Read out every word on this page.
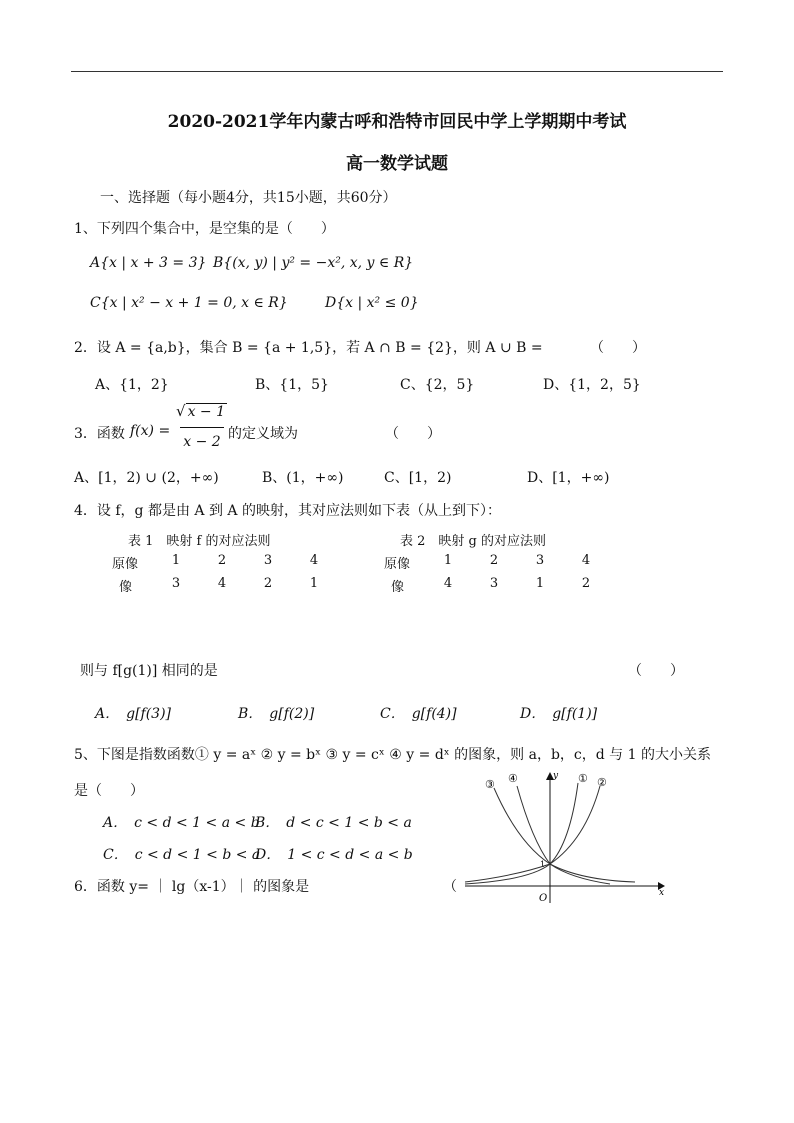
2020-2021学年内蒙古呼和浩特市回民中学上学期期中考试
高一数学试题
一、选择题（每小题4分，共15小题，共60分）
1、下列四个集合中，是空集的是（　　）
A{x | x + 3 = 3} B{(x, y) | y² = −x², x, y ∈ R}
C{x | x² − x + 1 = 0, x ∈ R}	D{x | x² ≤ 0}
2．设 A = {a,b}，集合 B = {a + 1,5}，若 A ∩ B = {2}，则 A ∪ B =	（　　）
A、{1，2}	B、{1，5}	C、{2，5}	D、{1，2，5}
3．函数 f(x) =
√ x − 1
x − 2 的定义域为	（　　）
A、[1，2) ∪ (2，+∞)	B、(1，+∞)	C、[1，2)	D、[1，+∞)
4．设 f，g 都是由 A 到 A 的映射，其对应法则如下表（从上到下）：
表 1　映射 f 的对应法则
原像	1	2	3	4
像	3	4	2	1
表 2　映射 g 的对应法则
原像	1	2	3	4
像	4	3	1	2
则与 f[g(1)] 相同的是	（　　）
A．　g[f(3)]	B．　g[f(2)]	C．　g[f(4)]	D．　g[f(1)]
5、下图是指数函数① y = aˣ ② y = bˣ ③ y = cˣ ④ y = dˣ 的图象，则 a，b，c，d 与 1 的大小关系
是（　　）
A．　c < d < 1 < a < b
B．　d < c < 1 < b < a
C．　c < d < 1 < b < a
D．　1 < c < d < a < b
x
y
O
1
③ ④	① ②
6．函数 y= ｜ lg（x-1）｜ 的图象是	（
